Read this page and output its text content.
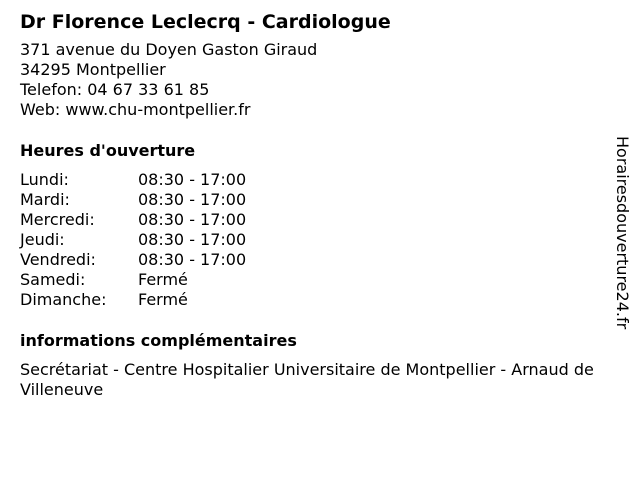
Dr Florence Leclecrq - Cardiologue
371 avenue du Doyen Gaston Giraud
34295 Montpellier
Telefon: 04 67 33 61 85
Web: www.chu-montpellier.fr
Heures d'ouverture
Lundi:	08:30 - 17:00
Mardi:	08:30 - 17:00
Mercredi:	08:30 - 17:00
Jeudi:	08:30 - 17:00
Vendredi:	08:30 - 17:00
Samedi:	Fermé
Dimanche:	Fermé
informations complémentaires
Secrétariat - Centre Hospitalier Universitaire de Montpellier - Arnaud de Villeneuve
Horairesdouverture24.fr
